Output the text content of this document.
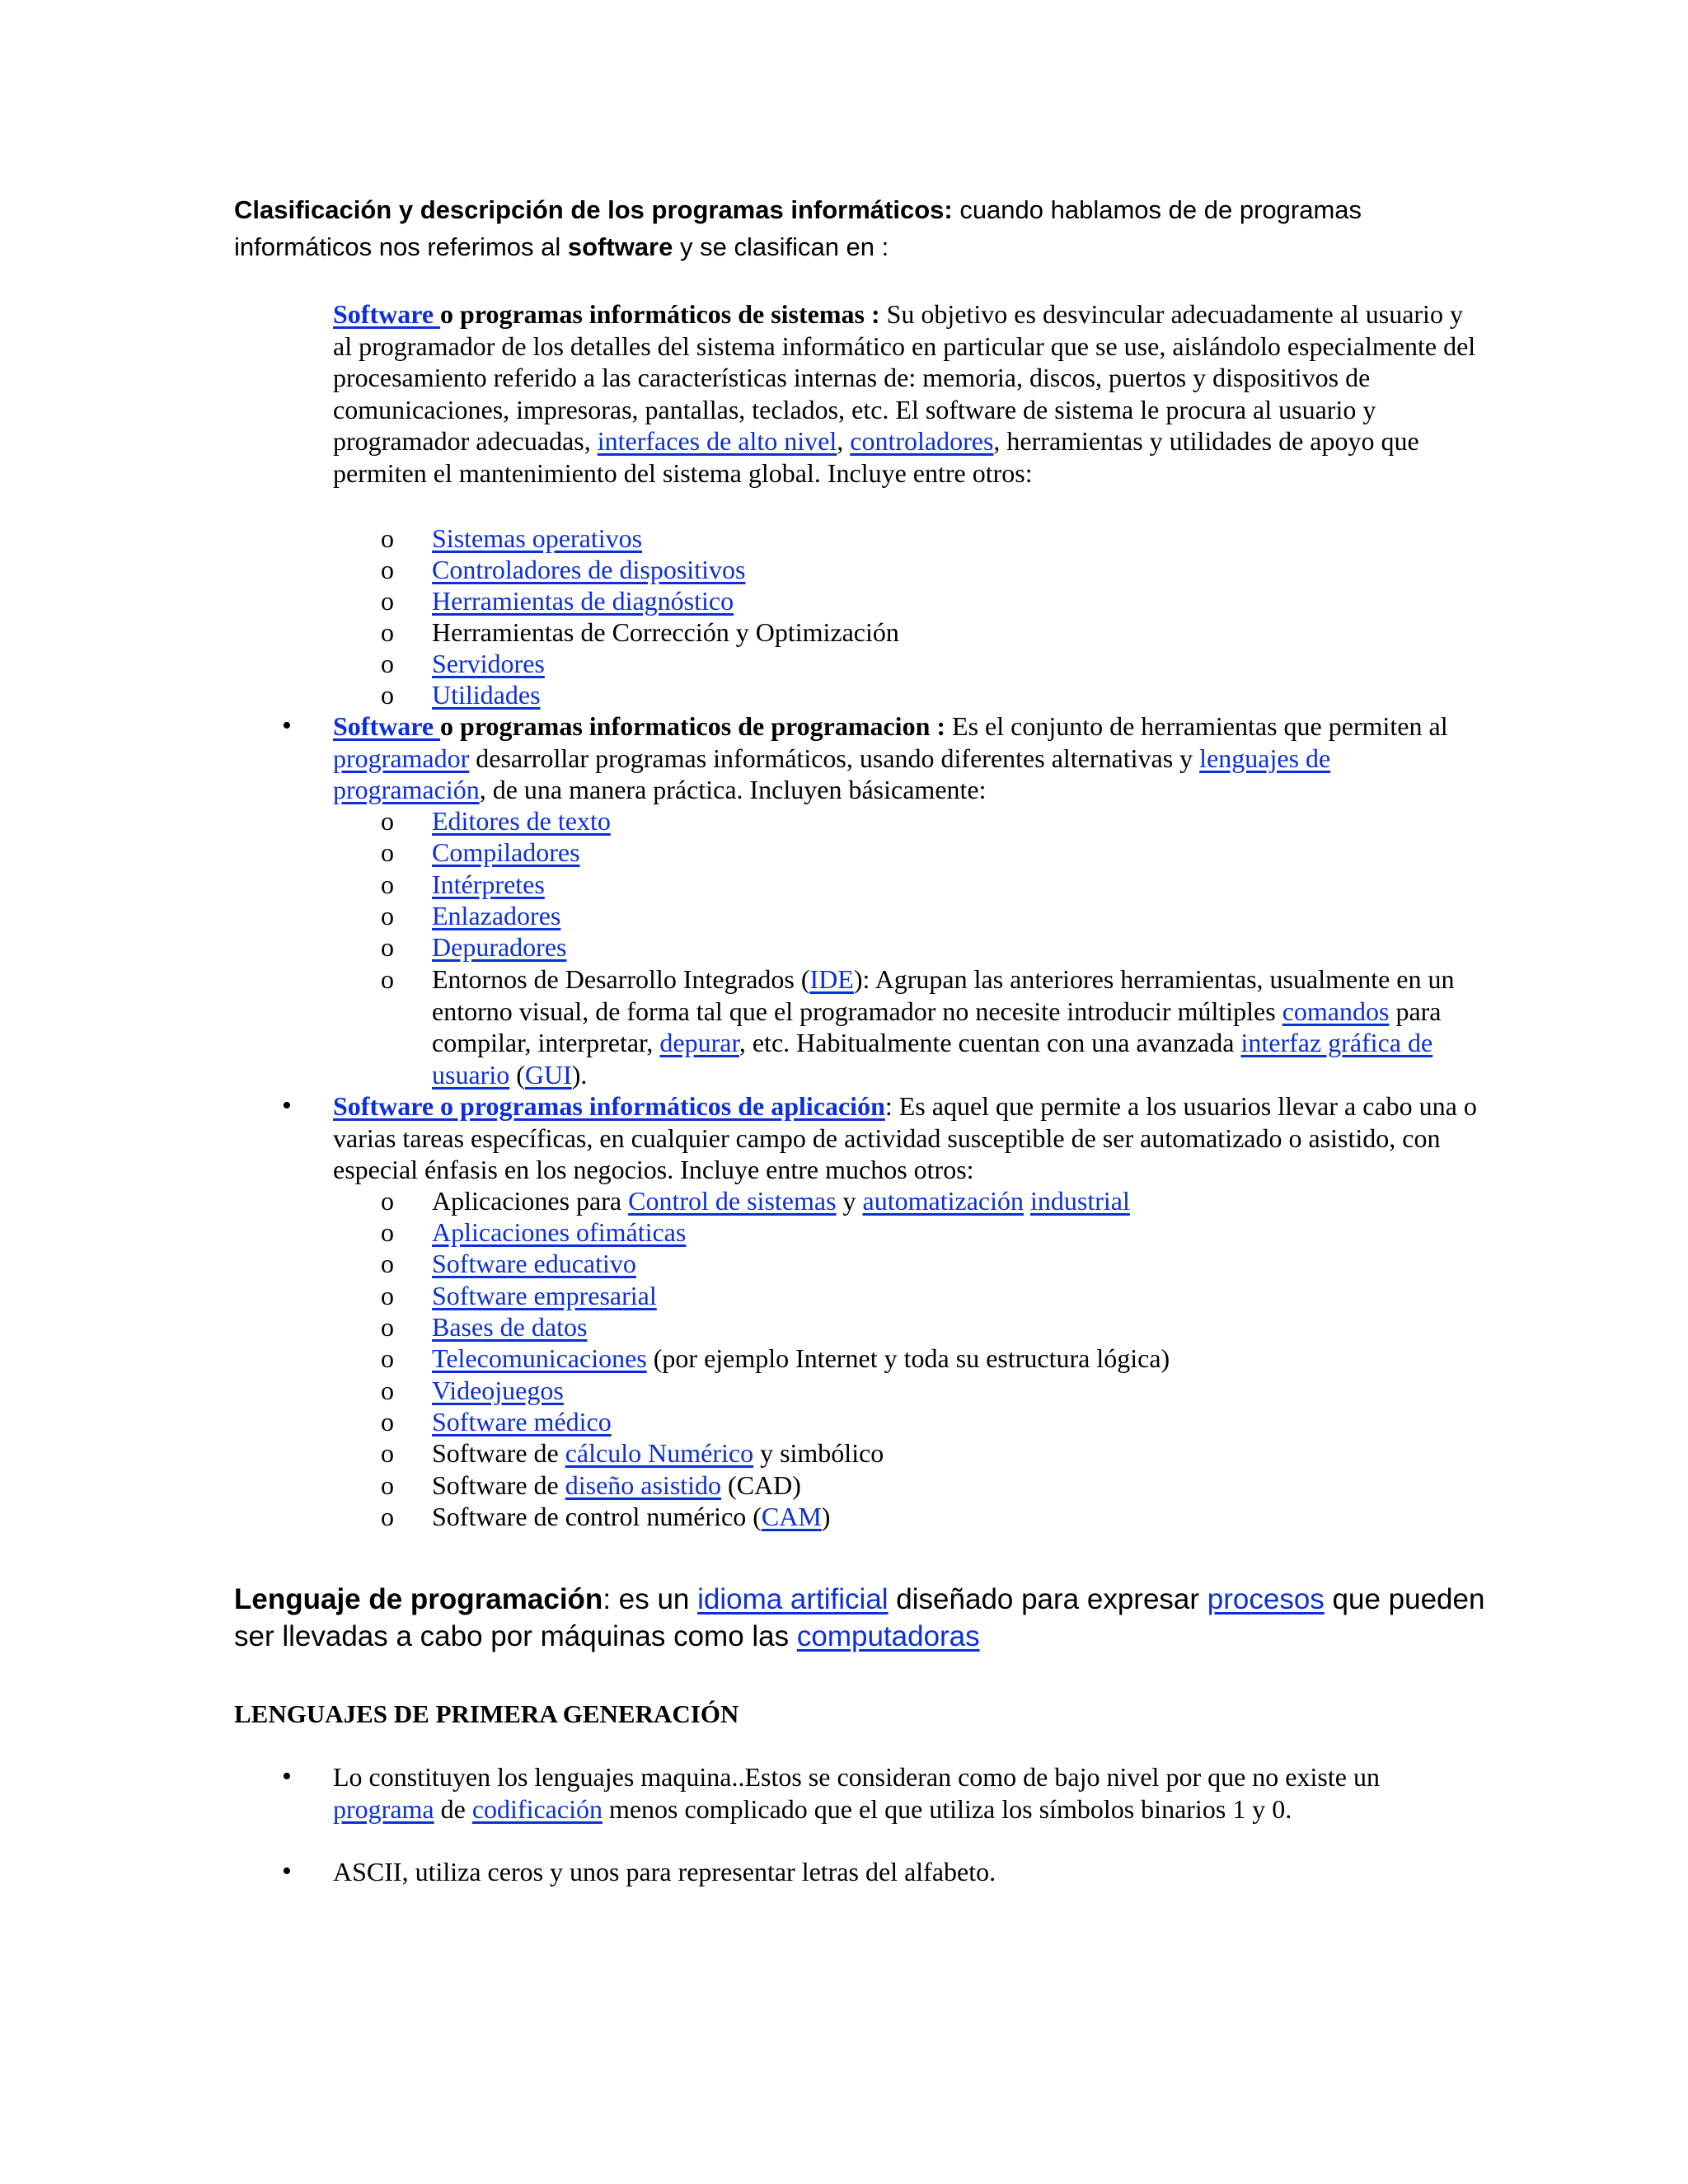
Clasificación y descripción de los programas informáticos: cuando hablamos de de programas informáticos nos referimos al software y se clasifican en :
Software o programas informáticos de sistemas : Su objetivo es desvincular adecuadamente al usuario y al programador de los detalles del sistema informático en particular que se use, aislándolo especialmente del procesamiento referido a las características internas de: memoria, discos, puertos y dispositivos de comunicaciones, impresoras, pantallas, teclados, etc. El software de sistema le procura al usuario y programador adecuadas, interfaces de alto nivel, controladores, herramientas y utilidades de apoyo que permiten el mantenimiento del sistema global. Incluye entre otros:
o Sistemas operativos
o Controladores de dispositivos
o Herramientas de diagnóstico
o Herramientas de Corrección y Optimización
o Servidores
o Utilidades
• Software o programas informaticos de programacion : Es el conjunto de herramientas que permiten al programador desarrollar programas informáticos, usando diferentes alternativas y lenguajes de programación, de una manera práctica. Incluyen básicamente:
o Editores de texto
o Compiladores
o Intérpretes
o Enlazadores
o Depuradores
o Entornos de Desarrollo Integrados (IDE): Agrupan las anteriores herramientas, usualmente en un entorno visual, de forma tal que el programador no necesite introducir múltiples comandos para compilar, interpretar, depurar, etc. Habitualmente cuentan con una avanzada interfaz gráfica de usuario (GUI).
• Software o programas informáticos de aplicación: Es aquel que permite a los usuarios llevar a cabo una o varias tareas específicas, en cualquier campo de actividad susceptible de ser automatizado o asistido, con especial énfasis en los negocios. Incluye entre muchos otros:
o Aplicaciones para Control de sistemas y automatización industrial
o Aplicaciones ofimáticas
o Software educativo
o Software empresarial
o Bases de datos
o Telecomunicaciones (por ejemplo Internet y toda su estructura lógica)
o Videojuegos
o Software médico
o Software de cálculo Numérico y simbólico
o Software de diseño asistido (CAD)
o Software de control numérico (CAM)
Lenguaje de programación: es un idioma artificial diseñado para expresar procesos que pueden ser llevadas a cabo por máquinas como las computadoras
LENGUAJES DE PRIMERA GENERACIÓN
• Lo constituyen los lenguajes maquina..Estos se consideran como de bajo nivel por que no existe un programa de codificación menos complicado que el que utiliza los símbolos binarios 1 y 0.
• ASCII, utiliza ceros y unos para representar letras del alfabeto.
